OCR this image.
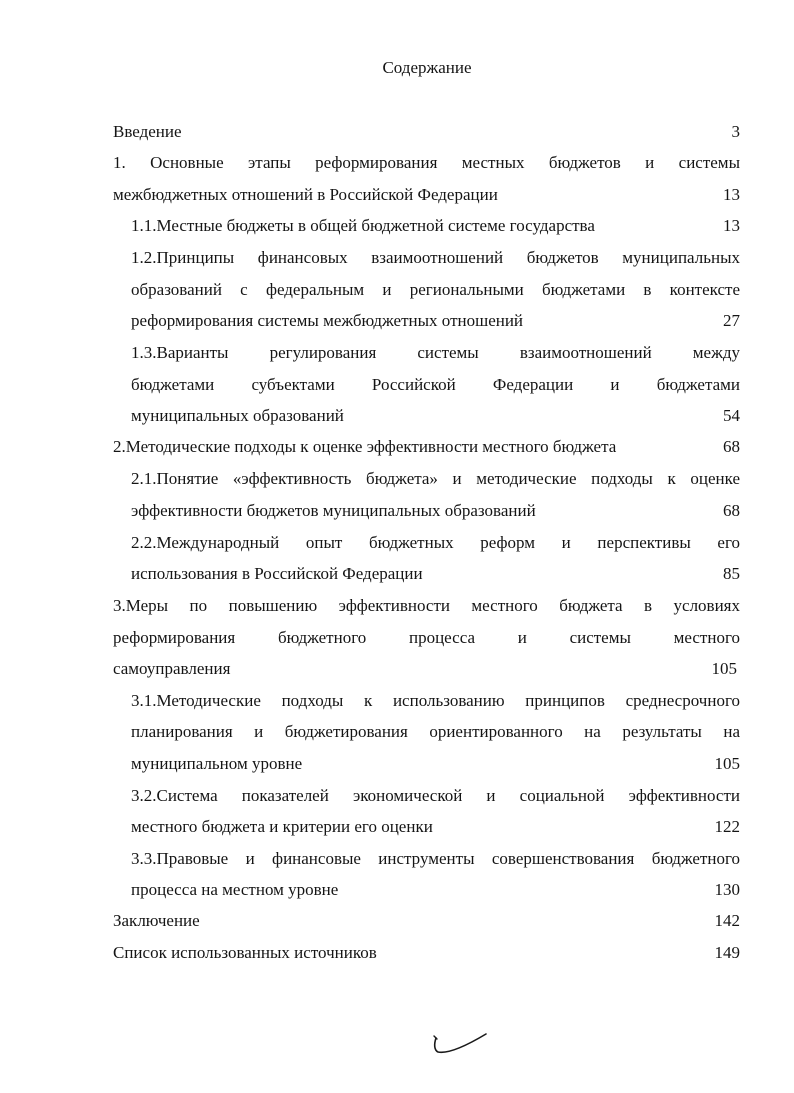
Содержание
Введение	3
1. Основные этапы реформирования местных бюджетов и системы
межбюджетных отношений в Российской Федерации	13
1.1.Местные бюджеты в общей бюджетной системе государства	13
1.2.Принципы финансовых взаимоотношений бюджетов муниципальных
образований с федеральным и региональными бюджетами в контексте
реформирования системы межбюджетных отношений	27
1.3.Варианты регулирования системы взаимоотношений между
бюджетами субъектами Российской Федерации и бюджетами
муниципальных образований	54
2.Методические подходы к оценке эффективности местного бюджета	68
2.1.Понятие «эффективность бюджета» и методические подходы к оценке
эффективности бюджетов муниципальных образований	68
2.2.Международный опыт бюджетных реформ и перспективы его
использования в Российской Федерации	85
3.Меры по повышению эффективности местного бюджета в условиях
реформирования бюджетного процесса и системы местного
самоуправления	105
3.1.Методические подходы к использованию принципов среднесрочного
планирования и бюджетирования ориентированного на результаты на
муниципальном уровне	105
3.2.Система показателей экономической и социальной эффективности
местного бюджета и критерии его оценки	122
3.3.Правовые и финансовые инструменты совершенствования бюджетного
процесса на местном уровне	130
Заключение	142
Список использованных источников	149
